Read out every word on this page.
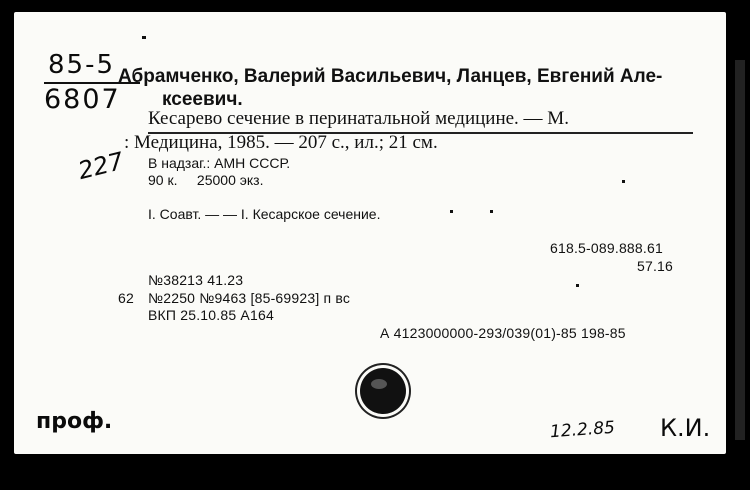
85-5
6807
Абрамченко, Валерий Васильевич, Ланцев, Евгений Але-
ксеевич.
Кесарево сечение в перинатальной медицине. — М.
: Медицина, 1985. — 207 с., ил.; 21 см.
227 В надзаг.: АМН СССР.
90 к.     25000 экз.
I. Соавт. — — I. Кесарское сечение.
618.5-089.888.61
57.16
№38213 41.23
62 №2250 №9463 [85-69923] п вс
ВКП 25.10.85 А164
А 4123000000-293/039(01)-85 198-85
проф.	12.2.85 К.И.
